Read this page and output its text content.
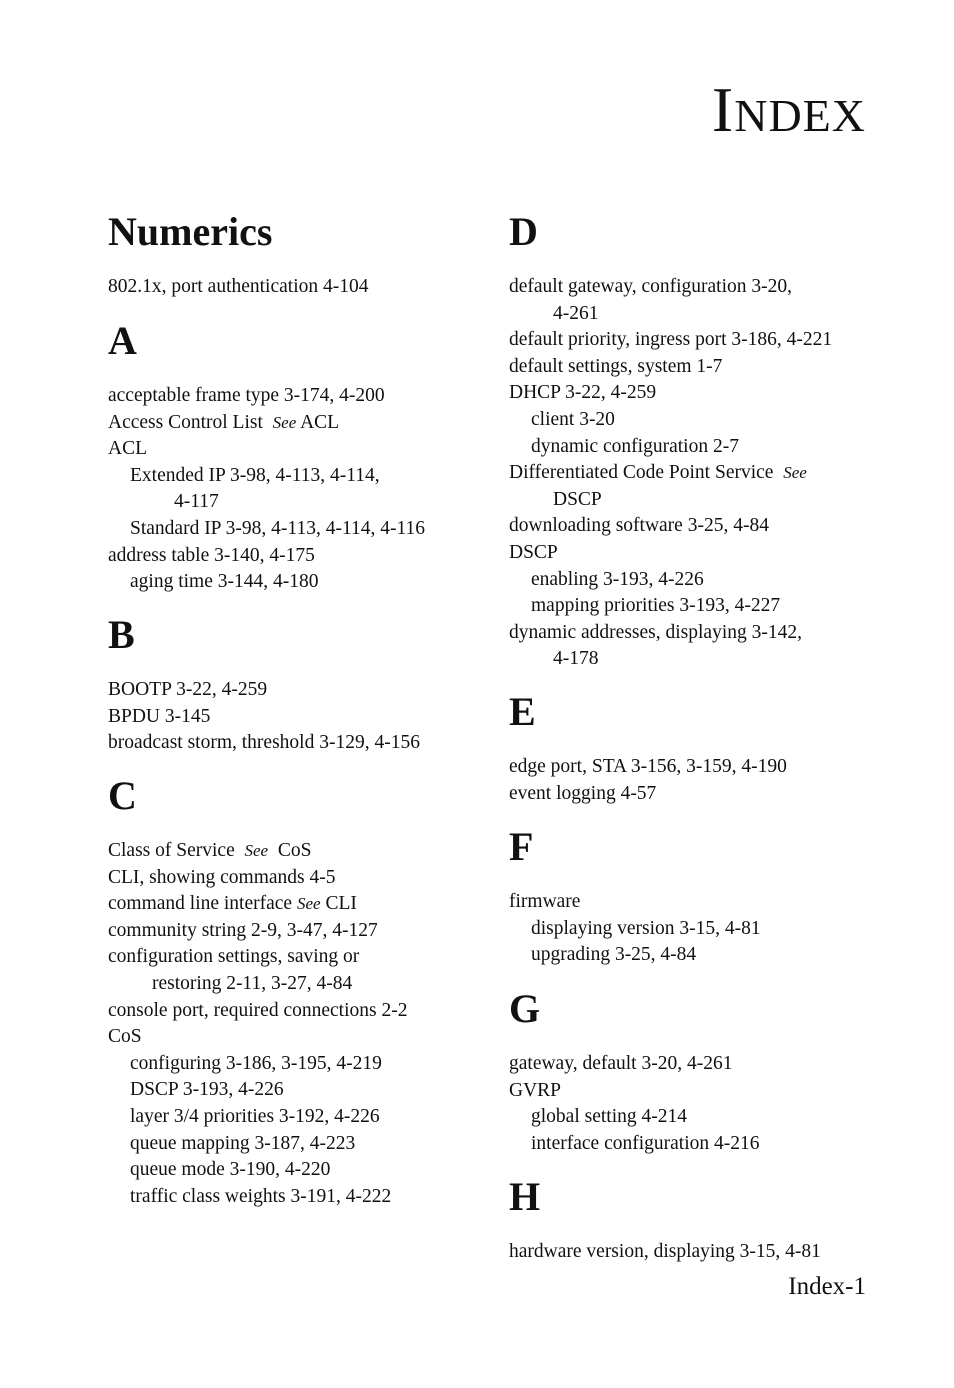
INDEX
Numerics
802.1x, port authentication 4-104
A
acceptable frame type 3-174, 4-200
Access Control List See ACL
ACL
Extended IP 3-98, 4-113, 4-114,
4-117
Standard IP 3-98, 4-113, 4-114, 4-116
address table 3-140, 4-175
aging time 3-144, 4-180
B
BOOTP 3-22, 4-259
BPDU 3-145
broadcast storm, threshold 3-129, 4-156
C
Class of Service See CoS
CLI, showing commands 4-5
command line interface See CLI
community string 2-9, 3-47, 4-127
configuration settings, saving or
restoring 2-11, 3-27, 4-84
console port, required connections 2-2
CoS
configuring 3-186, 3-195, 4-219
DSCP 3-193, 4-226
layer 3/4 priorities 3-192, 4-226
queue mapping 3-187, 4-223
queue mode 3-190, 4-220
traffic class weights 3-191, 4-222
D
default gateway, configuration 3-20,
4-261
default priority, ingress port 3-186, 4-221
default settings, system 1-7
DHCP 3-22, 4-259
client 3-20
dynamic configuration 2-7
Differentiated Code Point Service See
DSCP
downloading software 3-25, 4-84
DSCP
enabling 3-193, 4-226
mapping priorities 3-193, 4-227
dynamic addresses, displaying 3-142,
4-178
E
edge port, STA 3-156, 3-159, 4-190
event logging 4-57
F
firmware
displaying version 3-15, 4-81
upgrading 3-25, 4-84
G
gateway, default 3-20, 4-261
GVRP
global setting 4-214
interface configuration 4-216
H
hardware version, displaying 3-15, 4-81
Index-1
